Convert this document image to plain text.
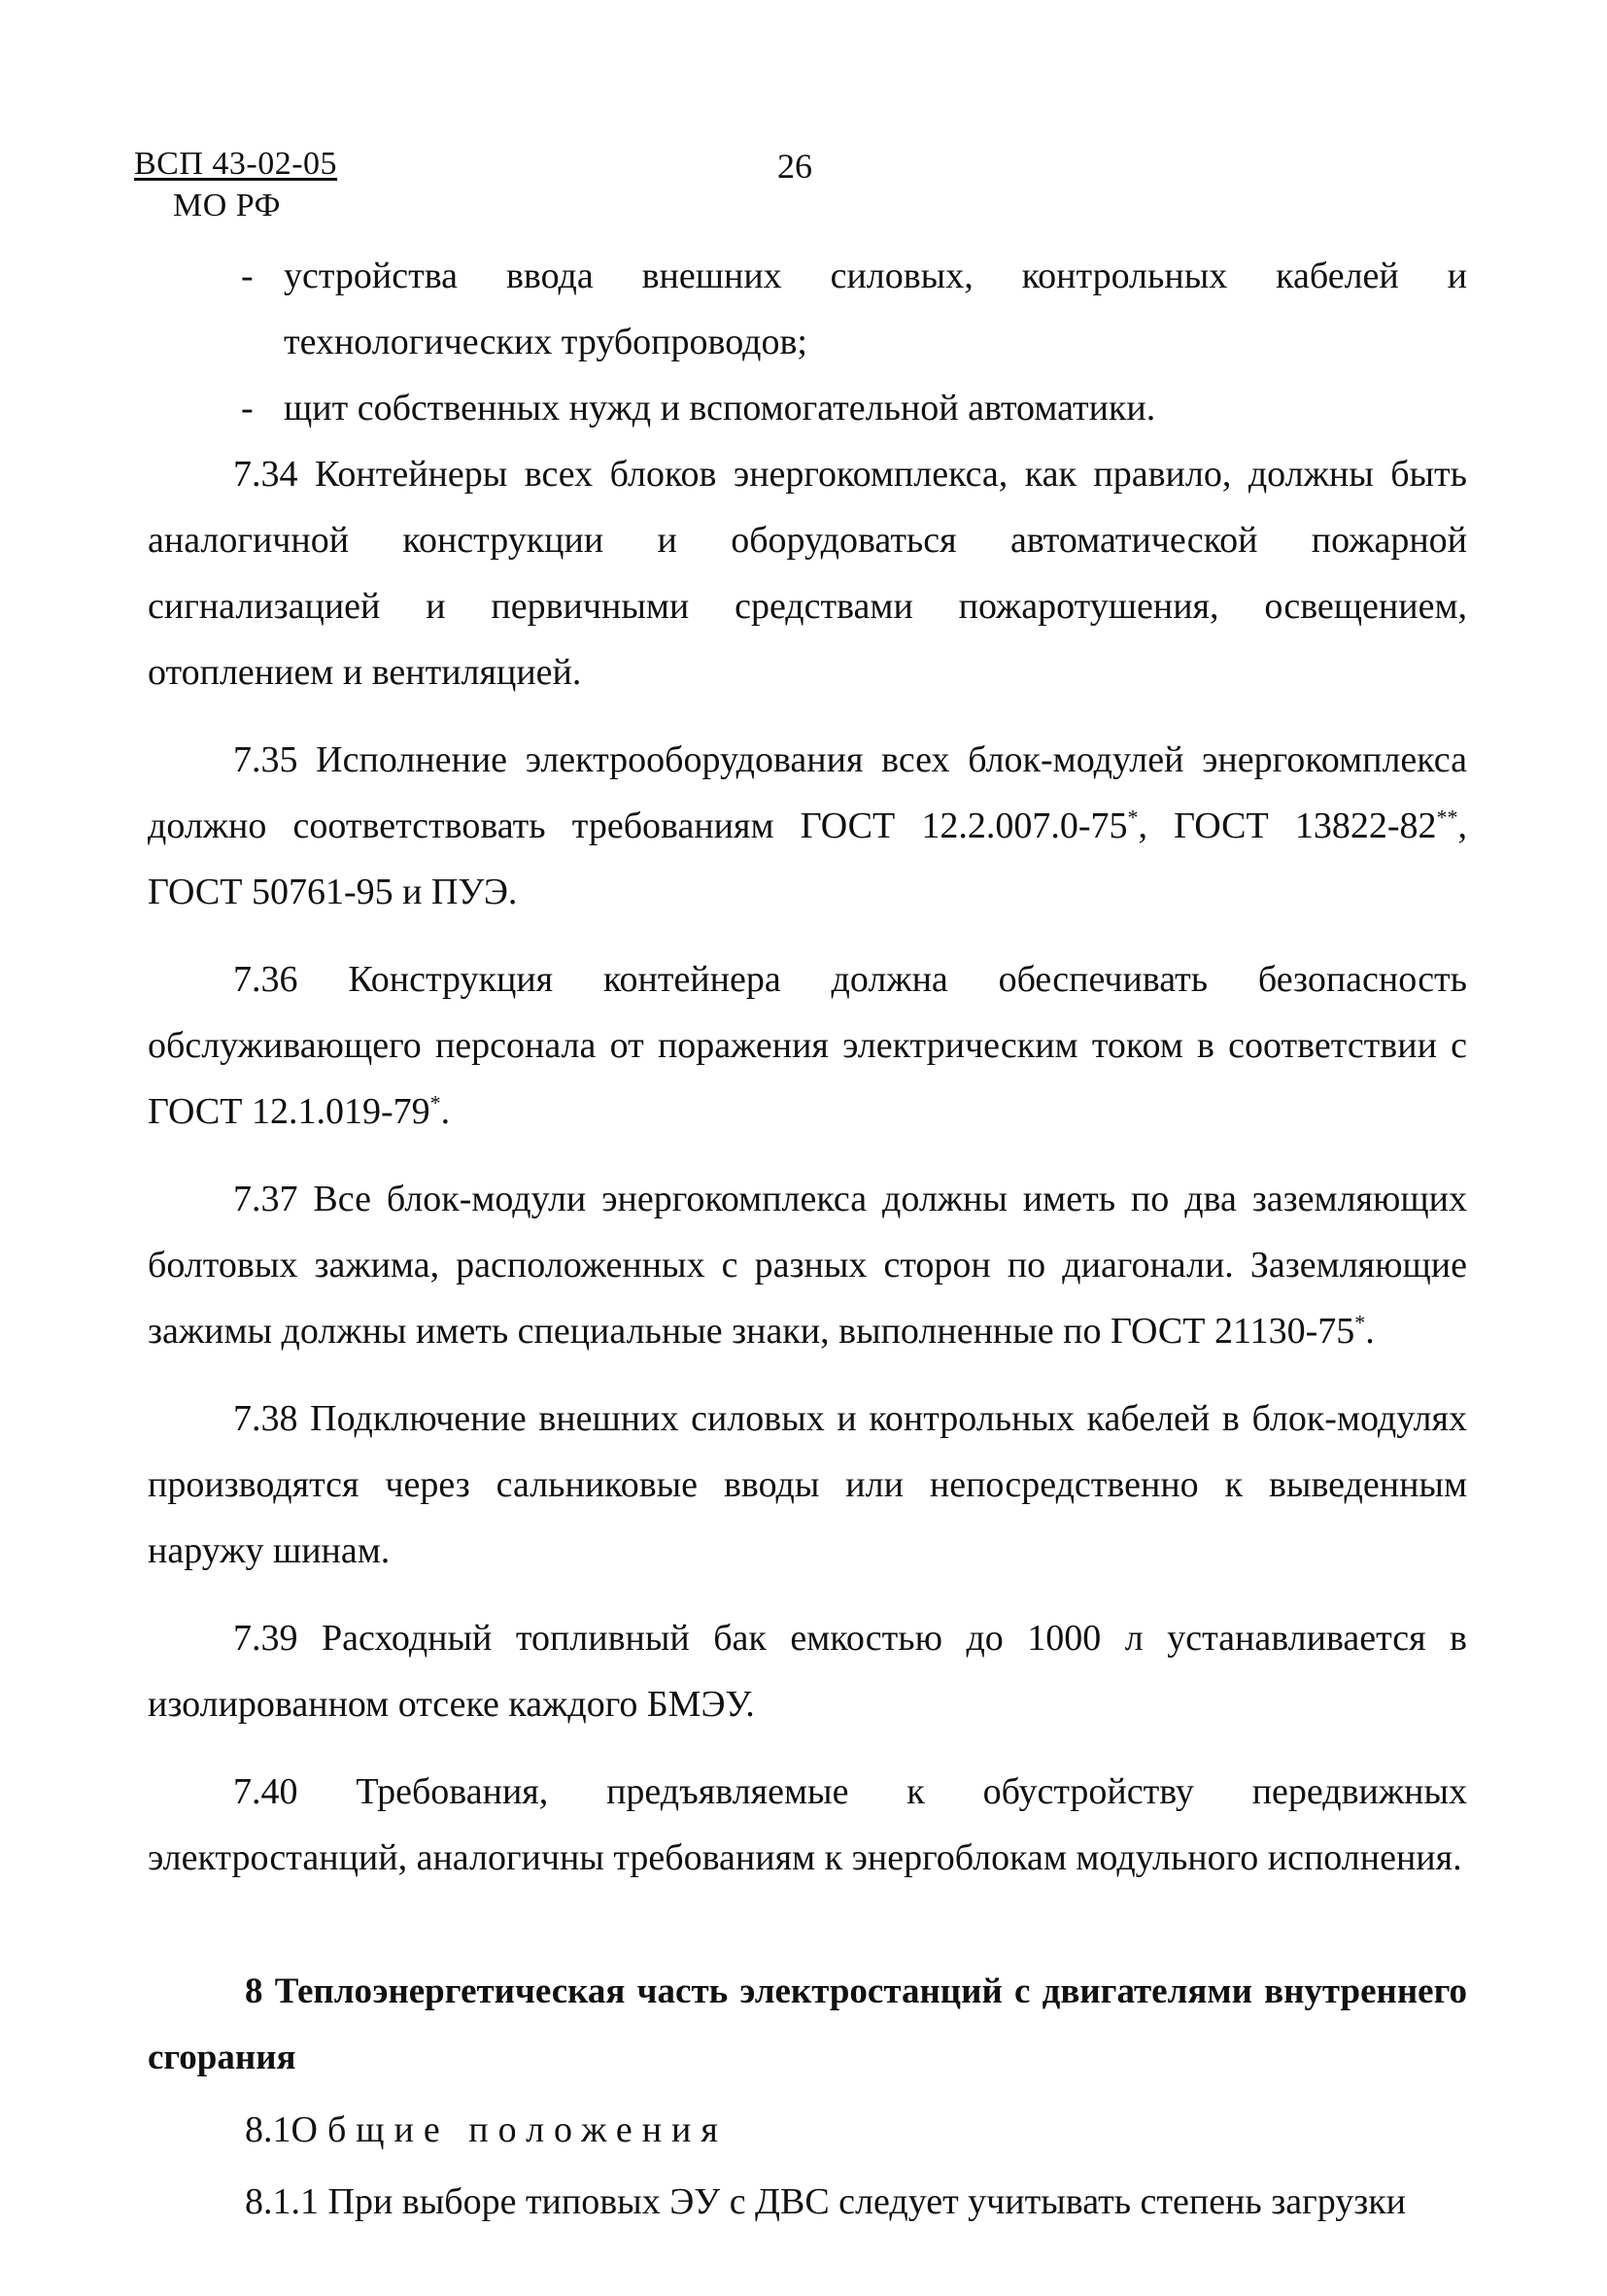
ВСП 43-02-05
МО РФ
26

- устройства ввода внешних силовых, контрольных кабелей и технологических трубопроводов;

- щит собственных нужд и вспомогательной автоматики.

7.34 Контейнеры всех блоков энергокомплекса, как правило, должны быть аналогичной конструкции и оборудоваться автоматической пожарной сигнализацией и первичными средствами пожаротушения, освещением, отоплением и вентиляцией.

7.35 Исполнение электрооборудования всех блок-модулей энергокомплекса должно соответствовать требованиям ГОСТ 12.2.007.0-75*, ГОСТ 13822-82**, ГОСТ 50761-95 и ПУЭ.

7.36 Конструкция контейнера должна обеспечивать безопасность обслуживающего персонала от поражения электрическим током в соответствии с ГОСТ 12.1.019-79*.

7.37 Все блок-модули энергокомплекса должны иметь по два заземляющих болтовых зажима, расположенных с разных сторон по диагонали. Заземляющие зажимы должны иметь специальные знаки, выполненные по ГОСТ 21130-75*.

7.38 Подключение внешних силовых и контрольных кабелей в блок-модулях производятся через сальниковые вводы или непосредственно к выведенным наружу шинам.

7.39 Расходный топливный бак емкостью до 1000 л устанавливается в изолированном отсеке каждого БМЭУ.

7.40 Требования, предъявляемые к обустройству передвижных электростанций, аналогичны требованиям к энергоблокам модульного исполнения.

8 Теплоэнергетическая часть электростанций с двигателями внутреннего сгорания

8.1Общие положения

8.1.1 При выборе типовых ЭУ с ДВС следует учитывать степень загрузки
